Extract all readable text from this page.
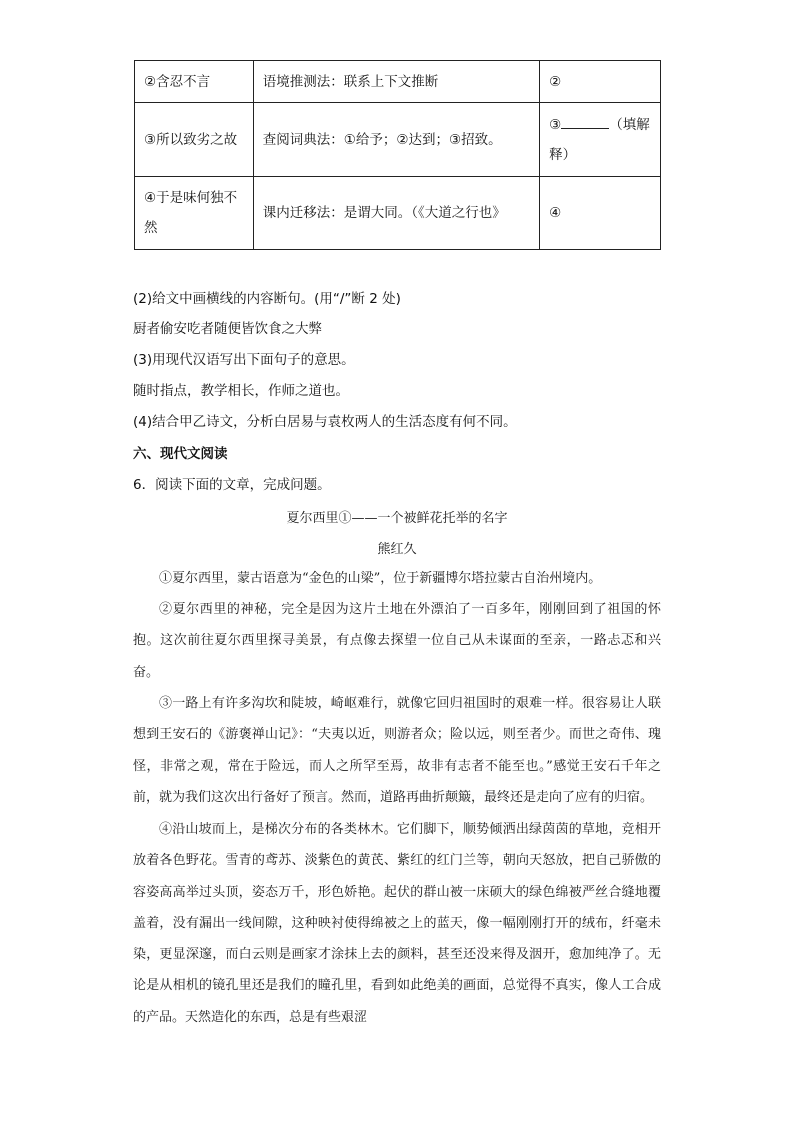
②含忍不言	语境推测法：联系上下文推断	②
③所以致劣之故	查阅词典法：①给予；②达到；③招致。	③ （填解释）
④于是味何独不然	课内迁移法：是谓大同。（《大道之行也》	④
(2)给文中画横线的内容断句。(用“/”断 2 处)
厨者偷安吃者随便皆饮食之大弊
(3)用现代汉语写出下面句子的意思。
随时指点，教学相长，作师之道也。
(4)结合甲乙诗文，分析白居易与袁枚两人的生活态度有何不同。
六、现代文阅读
6．阅读下面的文章，完成问题。
夏尔西里①——一个被鲜花托举的名字
熊红久
①夏尔西里，蒙古语意为“金色的山梁”，位于新疆博尔塔拉蒙古自治州境内。
②夏尔西里的神秘，完全是因为这片土地在外漂泊了一百多年，刚刚回到了祖国的怀抱。这次前往夏尔西里探寻美景，有点像去探望一位自己从未谋面的至亲，一路忐忑和兴奋。
③一路上有许多沟坎和陡坡，崎岖难行，就像它回归祖国时的艰难一样。很容易让人联想到王安石的《游褒禅山记》：“夫夷以近，则游者众；险以远，则至者少。而世之奇伟、瑰怪，非常之观，常在于险远，而人之所罕至焉，故非有志者不能至也。”感觉王安石千年之前，就为我们这次出行备好了预言。然而，道路再曲折颠簸，最终还是走向了应有的归宿。
④沿山坡而上，是梯次分布的各类林木。它们脚下，顺势倾洒出绿茵茵的草地，竞相开放着各色野花。雪青的鸢苏、淡紫色的黄芪、紫红的红门兰等，朝向天怒放，把自己骄傲的容姿高高举过头顶，姿态万千，形色娇艳。起伏的群山被一床硕大的绿色绵被严丝合缝地覆盖着，没有漏出一线间隙，这种映衬使得绵被之上的蓝天，像一幅刚刚打开的绒布，纤毫未染，更显深邃，而白云则是画家才涂抹上去的颜料，甚至还没来得及洇开，愈加纯净了。无论是从相机的镜孔里还是我们的瞳孔里，看到如此绝美的画面，总觉得不真实，像人工合成的产品。天然造化的东西，总是有些艰涩
